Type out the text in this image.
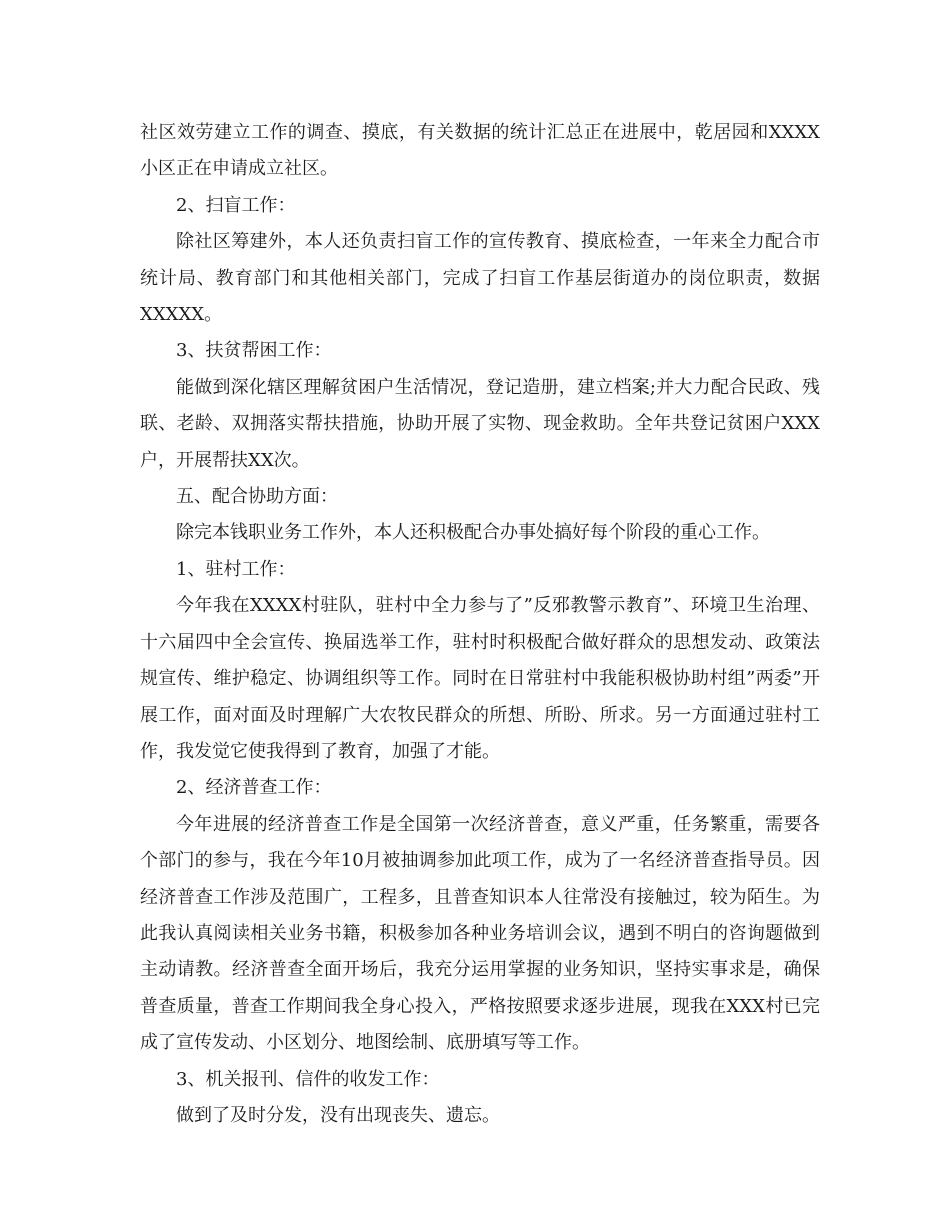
社区效劳建立工作的调查、摸底，有关数据的统计汇总正在进展中，乾居园和XXXX小区正在申请成立社区。

2、扫盲工作：

除社区筹建外，本人还负责扫盲工作的宣传教育、摸底检查，一年来全力配合市统计局、教育部门和其他相关部门，完成了扫盲工作基层街道办的岗位职责，数据XXXXX。

3、扶贫帮困工作：

能做到深化辖区理解贫困户生活情况，登记造册，建立档案;并大力配合民政、残联、老龄、双拥落实帮扶措施，协助开展了实物、现金救助。全年共登记贫困户XXX户，开展帮扶XX次。

五、配合协助方面：

除完本钱职业务工作外，本人还积极配合办事处搞好每个阶段的重心工作。

1、驻村工作：

今年我在XXXX村驻队，驻村中全力参与了”反邪教警示教育”、环境卫生治理、十六届四中全会宣传、换届选举工作，驻村时积极配合做好群众的思想发动、政策法规宣传、维护稳定、协调组织等工作。同时在日常驻村中我能积极协助村组”两委”开展工作，面对面及时理解广大农牧民群众的所想、所盼、所求。另一方面通过驻村工作，我发觉它使我得到了教育，加强了才能。

2、经济普查工作：

今年进展的经济普查工作是全国第一次经济普查，意义严重，任务繁重，需要各个部门的参与，我在今年10月被抽调参加此项工作，成为了一名经济普查指导员。因经济普查工作涉及范围广，工程多，且普查知识本人往常没有接触过，较为陌生。为此我认真阅读相关业务书籍，积极参加各种业务培训会议，遇到不明白的咨询题做到主动请教。经济普查全面开场后，我充分运用掌握的业务知识，坚持实事求是，确保普查质量，普查工作期间我全身心投入，严格按照要求逐步进展，现我在XXX村已完成了宣传发动、小区划分、地图绘制、底册填写等工作。

3、机关报刊、信件的收发工作：

做到了及时分发，没有出现丧失、遗忘。
